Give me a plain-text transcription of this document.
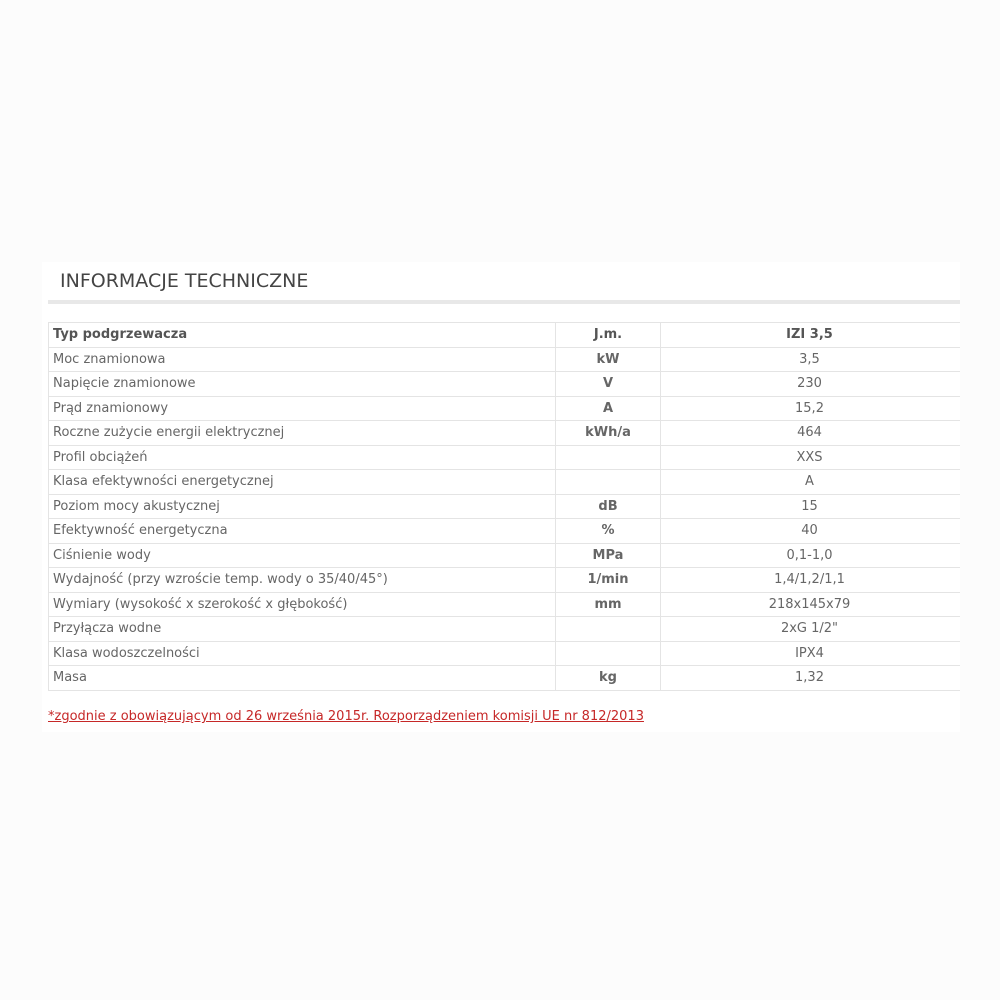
INFORMACJE TECHNICZNE
Typ podgrzewacza	J.m.	IZI 3,5
Moc znamionowa	kW	3,5
Napięcie znamionowe	V	230
Prąd znamionowy	A	15,2
Roczne zużycie energii elektrycznej	kWh/a	464
Profil obciążeń		XXS
Klasa efektywności energetycznej		A
Poziom mocy akustycznej	dB	15
Efektywność energetyczna	%	40
Ciśnienie wody	MPa	0,1-1,0
Wydajność (przy wzroście temp. wody o 35/40/45°)	1/min	1,4/1,2/1,1
Wymiary (wysokość x szerokość x głębokość)	mm	218x145x79
Przyłącza wodne		2xG 1/2"
Klasa wodoszczelności		IPX4
Masa	kg	1,32
*zgodnie z obowiązującym od 26 września 2015r. Rozporządzeniem komisji UE nr 812/2013
